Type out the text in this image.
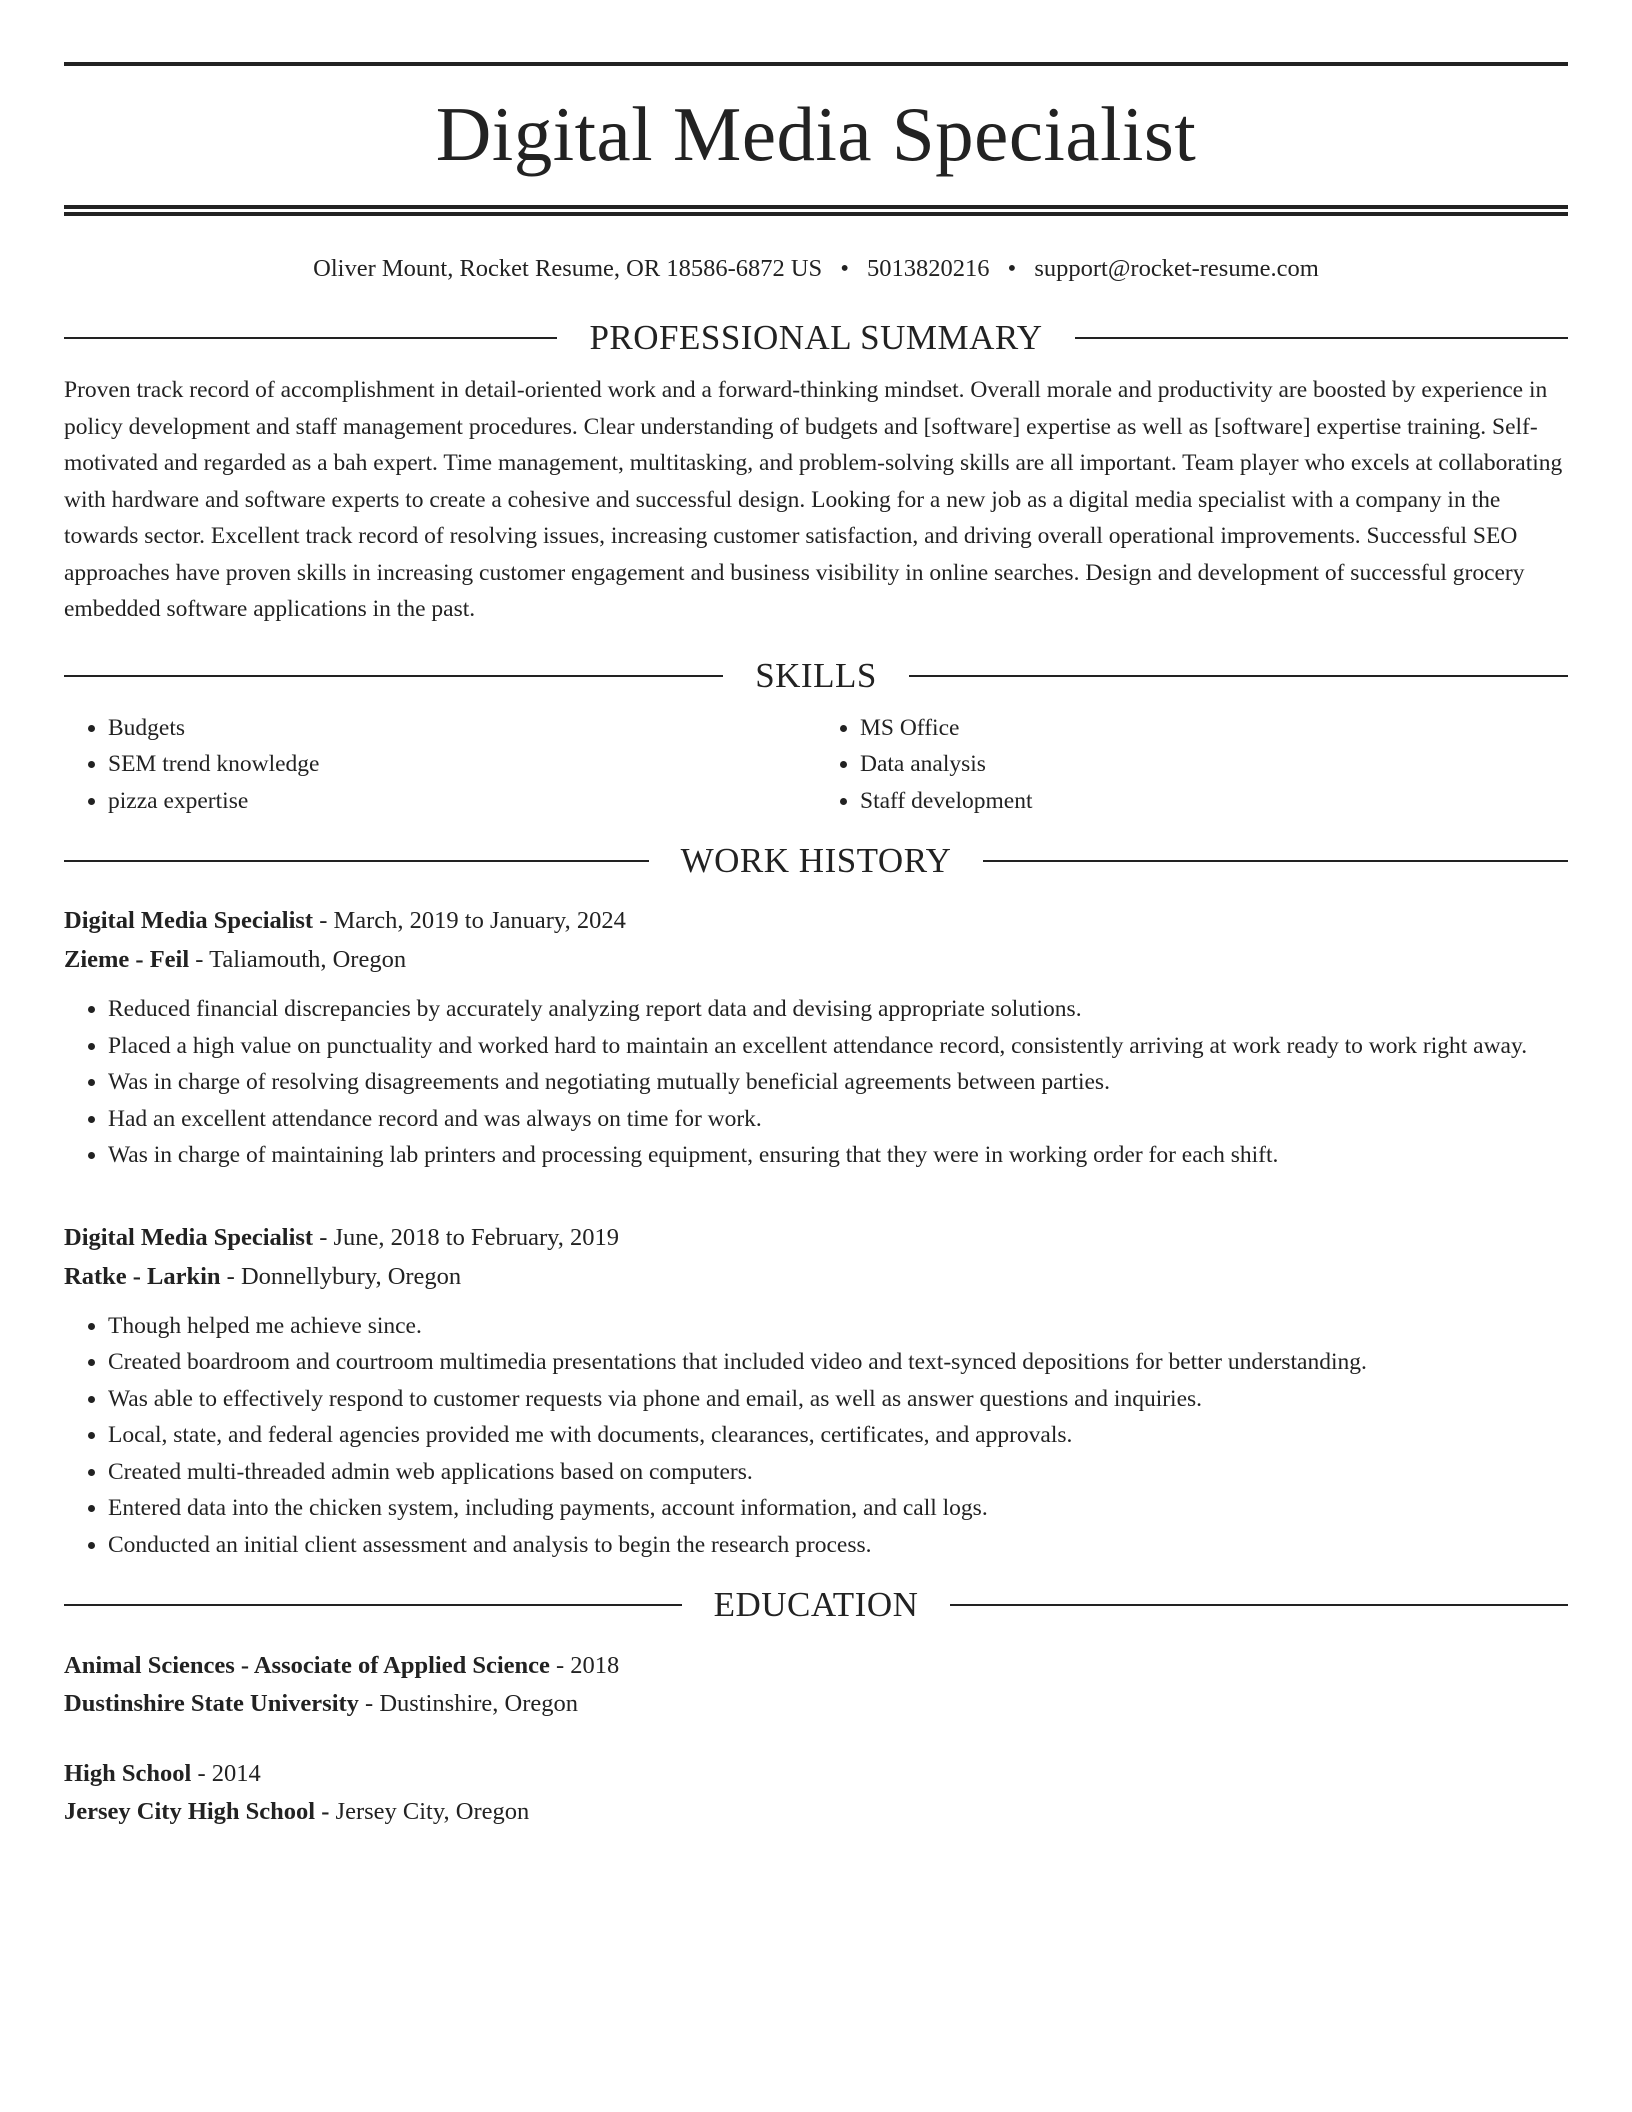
Digital Media Specialist
Oliver Mount, Rocket Resume, OR 18586-6872 US • 5013820216 • support@rocket-resume.com
PROFESSIONAL SUMMARY

Proven track record of accomplishment in detail-oriented work and a forward-thinking mindset. Overall morale and productivity are boosted by experience in policy development and staff management procedures. Clear understanding of budgets and [software] expertise as well as [software] expertise training. Self-motivated and regarded as a bah expert. Time management, multitasking, and problem-solving skills are all important. Team player who excels at collaborating with hardware and software experts to create a cohesive and successful design. Looking for a new job as a digital media specialist with a company in the towards sector. Excellent track record of resolving issues, increasing customer satisfaction, and driving overall operational improvements. Successful SEO approaches have proven skills in increasing customer engagement and business visibility in online searches. Design and development of successful grocery embedded software applications in the past.

SKILLS
• Budgets
• SEM trend knowledge
• pizza expertise
• MS Office
• Data analysis
• Staff development
WORK HISTORY
Digital Media Specialist - March, 2019 to January, 2024
Zieme - Feil - Taliamouth, Oregon
• Reduced financial discrepancies by accurately analyzing report data and devising appropriate solutions.
• Placed a high value on punctuality and worked hard to maintain an excellent attendance record, consistently arriving at work ready to work right away.
• Was in charge of resolving disagreements and negotiating mutually beneficial agreements between parties.
• Had an excellent attendance record and was always on time for work.
• Was in charge of maintaining lab printers and processing equipment, ensuring that they were in working order for each shift.
Digital Media Specialist - June, 2018 to February, 2019
Ratke - Larkin - Donnellybury, Oregon
• Though helped me achieve since.
• Created boardroom and courtroom multimedia presentations that included video and text-synced depositions for better understanding.
• Was able to effectively respond to customer requests via phone and email, as well as answer questions and inquiries.
• Local, state, and federal agencies provided me with documents, clearances, certificates, and approvals.
• Created multi-threaded admin web applications based on computers.
• Entered data into the chicken system, including payments, account information, and call logs.
• Conducted an initial client assessment and analysis to begin the research process.
EDUCATION
Animal Sciences - Associate of Applied Science - 2018
Dustinshire State University - Dustinshire, Oregon
High School - 2014
Jersey City High School - Jersey City, Oregon
